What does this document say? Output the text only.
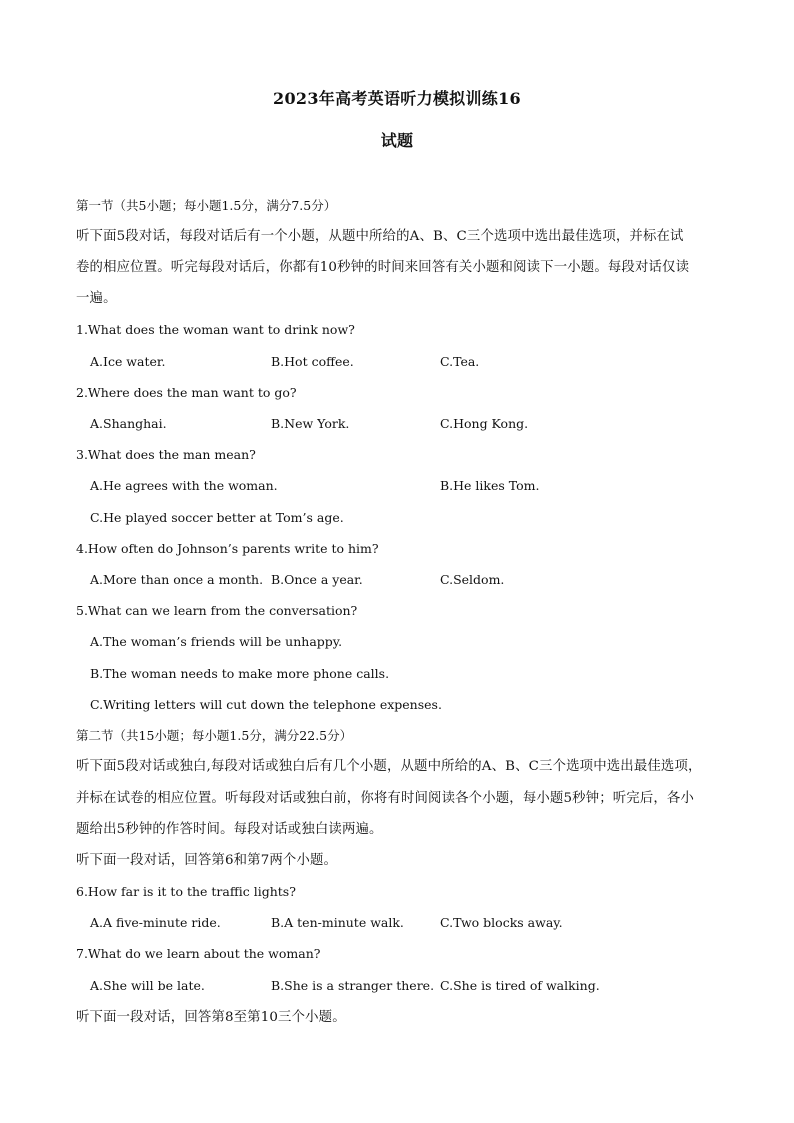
2023年高考英语听力模拟训练16
试题
第一节（共5小题；每小题1.5分，满分7.5分）
听下面5段对话，每段对话后有一个小题，从题中所给的A、B、C三个选项中选出最佳选项，并标在试
卷的相应位置。听完每段对话后，你都有10秒钟的时间来回答有关小题和阅读下一小题。每段对话仅读
一遍。
1.What does the woman want to drink now?
A.Ice water.	B.Hot coffee.	C.Tea.
2.Where does the man want to go?
A.Shanghai.	B.New York.	C.Hong Kong.
3.What does the man mean?
A.He agrees with the woman.	B.He likes Tom.
C.He played soccer better at Tom’s age.
4.How often do Johnson’s parents write to him?
A.More than once a month. B.Once a year.	C.Seldom.
5.What can we learn from the conversation?
A.The woman’s friends will be unhappy.
B.The woman needs to make more phone calls.
C.Writing letters will cut down the telephone expenses.
第二节（共15小题；每小题1.5分，满分22.5分）
听下面5段对话或独白,每段对话或独白后有几个小题，从题中所给的A、B、C三个选项中选出最佳选项，
并标在试卷的相应位置。听每段对话或独白前，你将有时间阅读各个小题，每小题5秒钟；听完后，各小
题给出5秒钟的作答时间。每段对话或独白读两遍。
听下面一段对话，回答第6和第7两个小题。
6.How far is it to the traffic lights?
A.A five-minute ride.	B.A ten-minute walk.	C.Two blocks away.
7.What do we learn about the woman?
A.She will be late.	B.She is a stranger there. C.She is tired of walking.
听下面一段对话，回答第8至第10三个小题。
